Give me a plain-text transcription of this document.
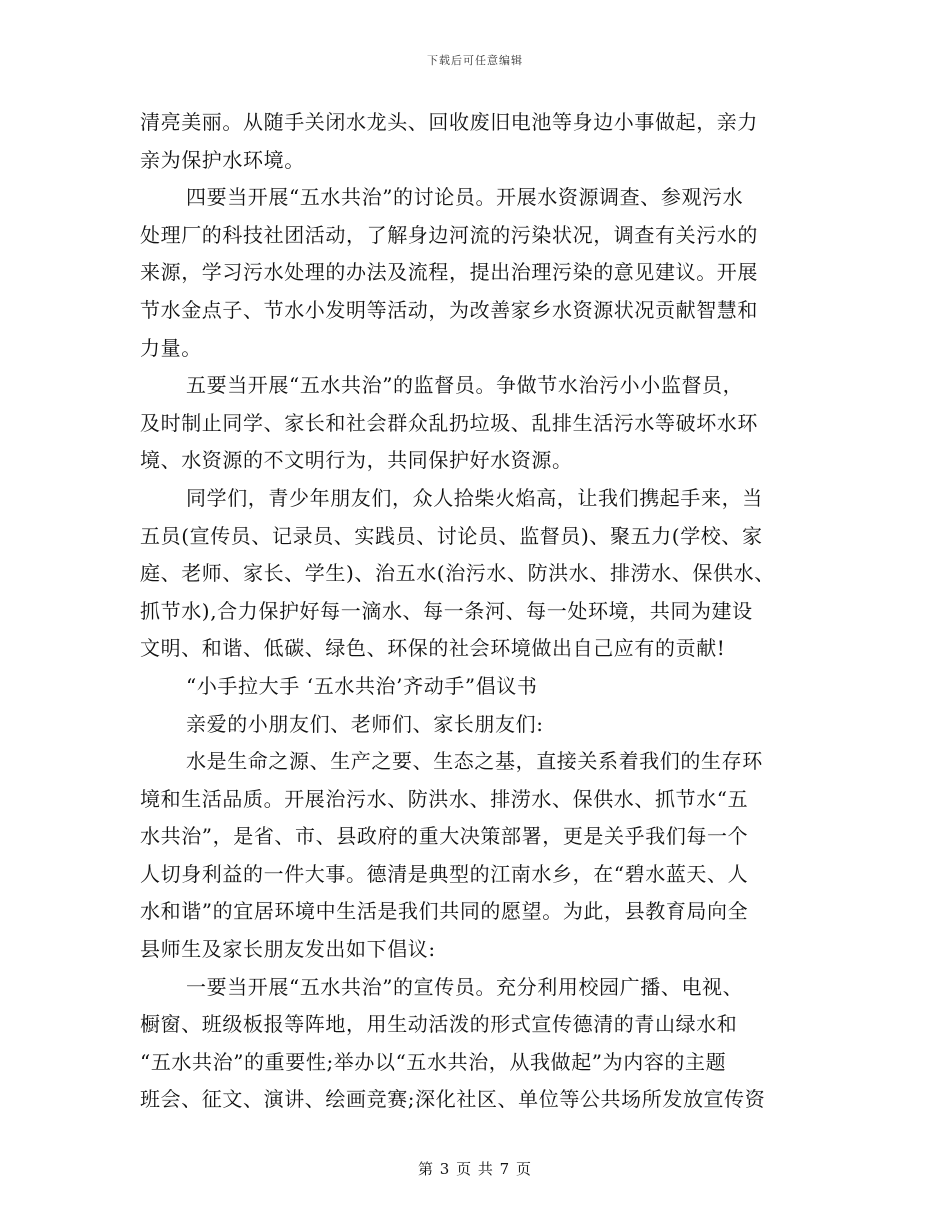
下载后可任意编辑
清亮美丽。从随手关闭水龙头、回收废旧电池等身边小事做起，亲力
亲为保护水环境。
四要当开展“五水共治”的讨论员。开展水资源调查、参观污水
处理厂的科技社团活动，了解身边河流的污染状况，调查有关污水的
来源，学习污水处理的办法及流程，提出治理污染的意见建议。开展
节水金点子、节水小发明等活动，为改善家乡水资源状况贡献智慧和
力量。
五要当开展“五水共治”的监督员。争做节水治污小小监督员，
及时制止同学、家长和社会群众乱扔垃圾、乱排生活污水等破坏水环
境、水资源的不文明行为，共同保护好水资源。
同学们，青少年朋友们，众人拾柴火焰高，让我们携起手来，当
五员(宣传员、记录员、实践员、讨论员、监督员)、聚五力(学校、家
庭、老师、家长、学生)、治五水(治污水、防洪水、排涝水、保供水、
抓节水),合力保护好每一滴水、每一条河、每一处环境，共同为建设
文明、和谐、低碳、绿色、环保的社会环境做出自己应有的贡献!
“小手拉大手 ‘五水共治’齐动手”倡议书
亲爱的小朋友们、老师们、家长朋友们:
水是生命之源、生产之要、生态之基，直接关系着我们的生存环
境和生活品质。开展治污水、防洪水、排涝水、保供水、抓节水“五
水共治”，是省、市、县政府的重大决策部署，更是关乎我们每一个
人切身利益的一件大事。德清是典型的江南水乡，在“碧水蓝天、人
水和谐”的宜居环境中生活是我们共同的愿望。为此，县教育局向全
县师生及家长朋友发出如下倡议:
一要当开展“五水共治”的宣传员。充分利用校园广播、电视、
橱窗、班级板报等阵地，用生动活泼的形式宣传德清的青山绿水和
“五水共治”的重要性;举办以“五水共治，从我做起”为内容的主题
班会、征文、演讲、绘画竞赛;深化社区、单位等公共场所发放宣传资
第 3 页 共 7 页
